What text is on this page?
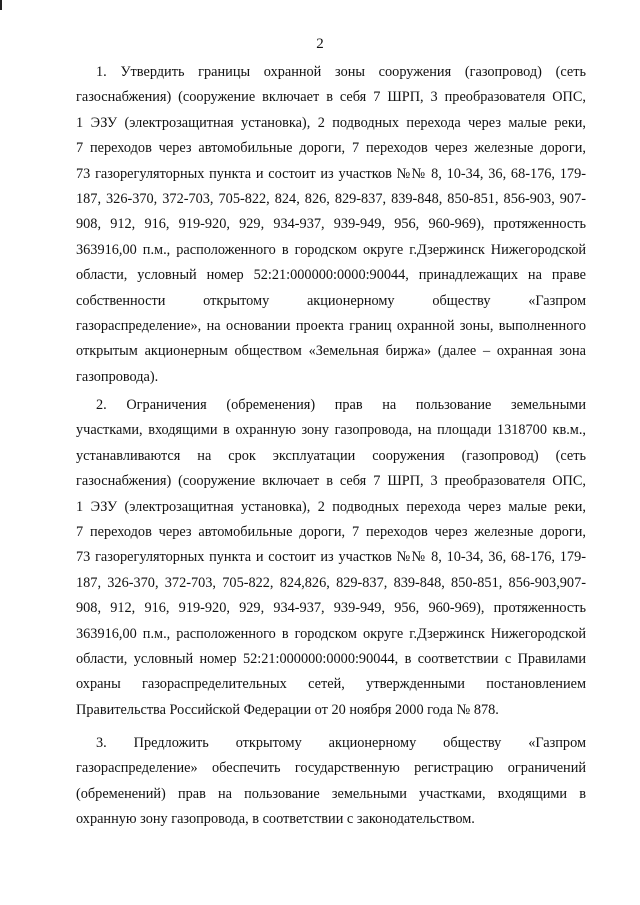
2
1. Утвердить границы охранной зоны сооружения (газопровод) (сеть
газоснабжения) (сооружение включает в себя 7 ШРП, 3 преобразователя ОПС,
1 ЭЗУ (электрозащитная установка), 2 подводных перехода через малые реки,
7 переходов через автомобильные дороги, 7 переходов через железные дороги,
73 газорегуляторных пункта и состоит из участков №№ 8, 10-34, 36, 68-176, 179-
187, 326-370, 372-703, 705-822, 824, 826, 829-837, 839-848, 850-851, 856-903, 907-
908, 912, 916, 919-920, 929, 934-937, 939-949, 956, 960-969), протяженность
363916,00 п.м., расположенного в городском округе г.Дзержинск Нижегородской
области, условный номер 52:21:000000:0000:90044, принадлежащих на праве
собственности открытому акционерному обществу «Газпром
газораспределение», на основании проекта границ охранной зоны, выполненного
открытым акционерным обществом «Земельная биржа» (далее – охранная зона
газопровода).
2. Ограничения (обременения) прав на пользование земельными
участками, входящими в охранную зону газопровода, на площади 1318700 кв.м.,
устанавливаются на срок эксплуатации сооружения (газопровод) (сеть
газоснабжения) (сооружение включает в себя 7 ШРП, 3 преобразователя ОПС,
1 ЭЗУ (электрозащитная установка), 2 подводных перехода через малые реки,
7 переходов через автомобильные дороги, 7 переходов через железные дороги,
73 газорегуляторных пункта и состоит из участков №№ 8, 10-34, 36, 68-176, 179-
187, 326-370, 372-703, 705-822, 824,826, 829-837, 839-848, 850-851, 856-903,907-
908, 912, 916, 919-920, 929, 934-937, 939-949, 956, 960-969), протяженность
363916,00 п.м., расположенного в городском округе г.Дзержинск Нижегородской
области, условный номер 52:21:000000:0000:90044, в соответствии с Правилами
охраны газораспределительных сетей, утвержденными постановлением
Правительства Российской Федерации от 20 ноября 2000 года № 878.
3. Предложить открытому акционерному обществу «Газпром
газораспределение» обеспечить государственную регистрацию ограничений
(обременений) прав на пользование земельными участками, входящими в
охранную зону газопровода, в соответствии с законодательством.
